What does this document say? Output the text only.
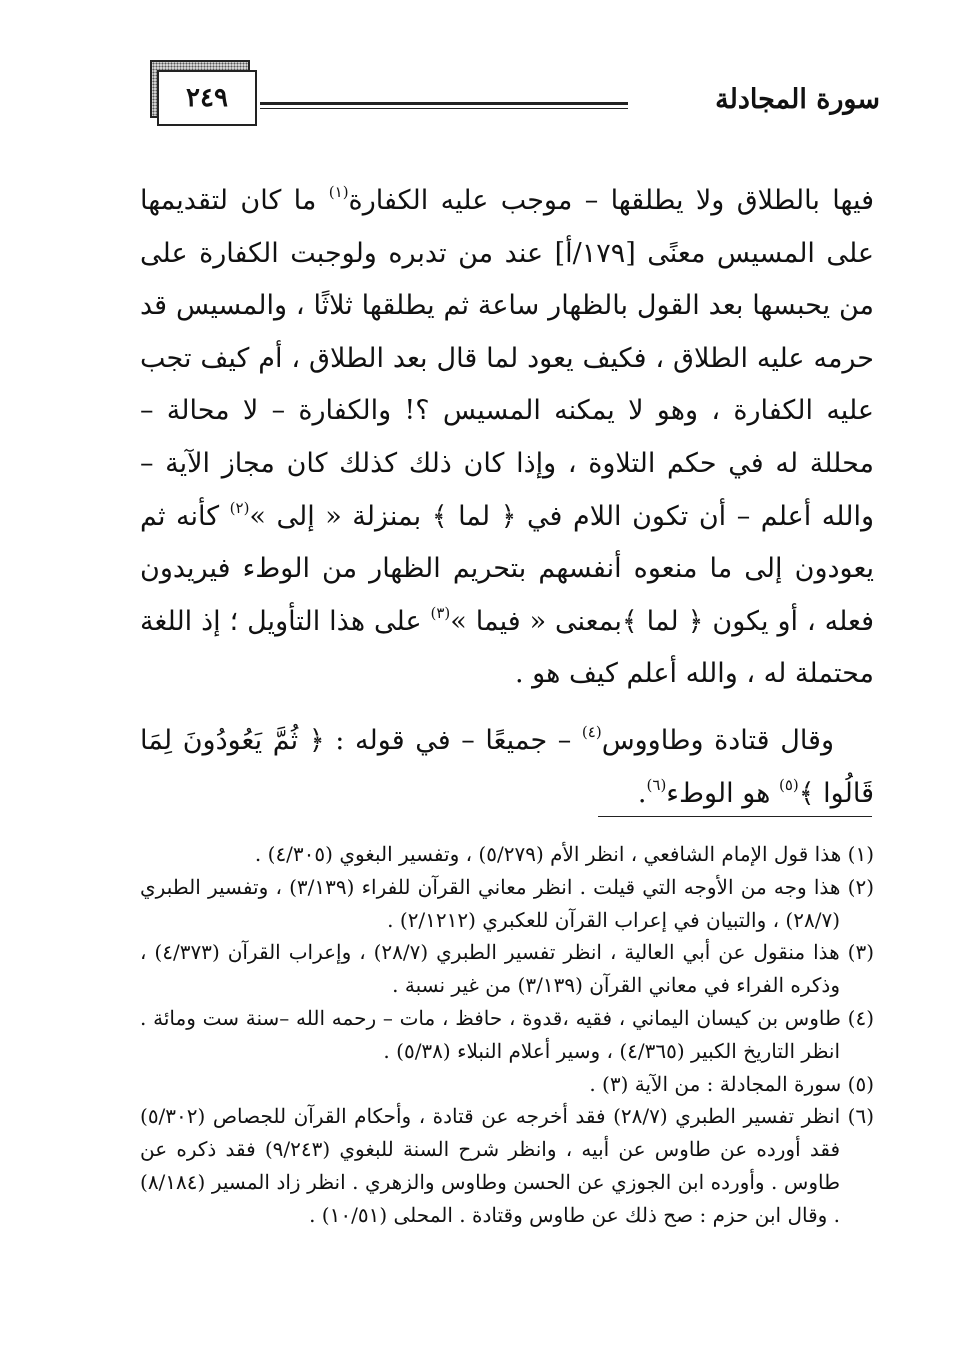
سورة المجادلة
٢٤٩

فيها بالطلاق ولا يطلقها – موجب عليه الكفارة$^{(١)}$ ما كان لتقديمها على المسيس معنًى [١٧٩/أ] عند من تدبره ولوجبت الكفارة على من يحبسها بعد القول بالظهار ساعة ثم يطلقها ثلاثًا ، والمسيس قد حرمه عليه الطلاق ، فكيف يعود لما قال بعد الطلاق ، أم كيف تجب عليه الكفارة ، وهو لا يمكنه المسيس ؟! والكفارة – لا محالة – محللة له في حكم التلاوة ، وإذا كان ذلك كذلك كان مجاز الآية – والله أعلم – أن تكون اللام في ﴿ لما ﴾ بمنزلة « إلى »$^{(٢)}$ كأنه ثم يعودون إلى ما منعوه أنفسهم بتحريم الظهار من الوطء فيريدون فعله ، أو يكون ﴿ لما ﴾بمعنى « فيما »$^{(٣)}$ على هذا التأويل ؛ إذ اللغة محتملة له ، والله أعلم كيف هو .

وقال قتادة وطاووس$^{(٤)}$ – جميعًا – في قوله : ﴿ ثُمَّ يَعُودُونَ لِمَا قَالُوا ﴾$^{(٥)}$ هو الوطء$^{(٦)}$.

(١) هذا قول الإمام الشافعي ، انظر الأم (٥/٢٧٩) ، وتفسير البغوي (٤/٣٠٥) .

(٢) هذا وجه من الأوجه التي قيلت . انظر معاني القرآن للفراء (٣/١٣٩) ، وتفسير الطبري (٢٨/٧) ، والتبيان في إعراب القرآن للعكبري (٢/١٢١٢) .

(٣) هذا منقول عن أبي العالية ، انظر تفسير الطبري (٢٨/٧) ، وإعراب القرآن (٤/٣٧٣) ، وذكره الفراء في معاني القرآن (٣/١٣٩) من غير نسبة .

(٤) طاوس بن كيسان اليماني ، فقيه ،قدوة ، حافظ ، مات – رحمه الله –سنة ست ومائة . انظر التاريخ الكبير (٤/٣٦٥) ، وسير أعلام النبلاء (٥/٣٨) .

(٥) سورة المجادلة : من الآية (٣) .

(٦) انظر تفسير الطبري (٢٨/٧) فقد أخرجه عن قتادة ، وأحكام القرآن للجصاص (٥/٣٠٢) فقد أورده عن طاوس عن أبيه ، وانظر شرح السنة للبغوي (٩/٢٤٣) فقد ذكره عن طاوس . وأورده ابن الجوزي عن الحسن وطاوس والزهري . انظر زاد المسير (٨/١٨٤) . وقال ابن حزم : صح ذلك عن طاوس وقتادة . المحلى (١٠/٥١) .
